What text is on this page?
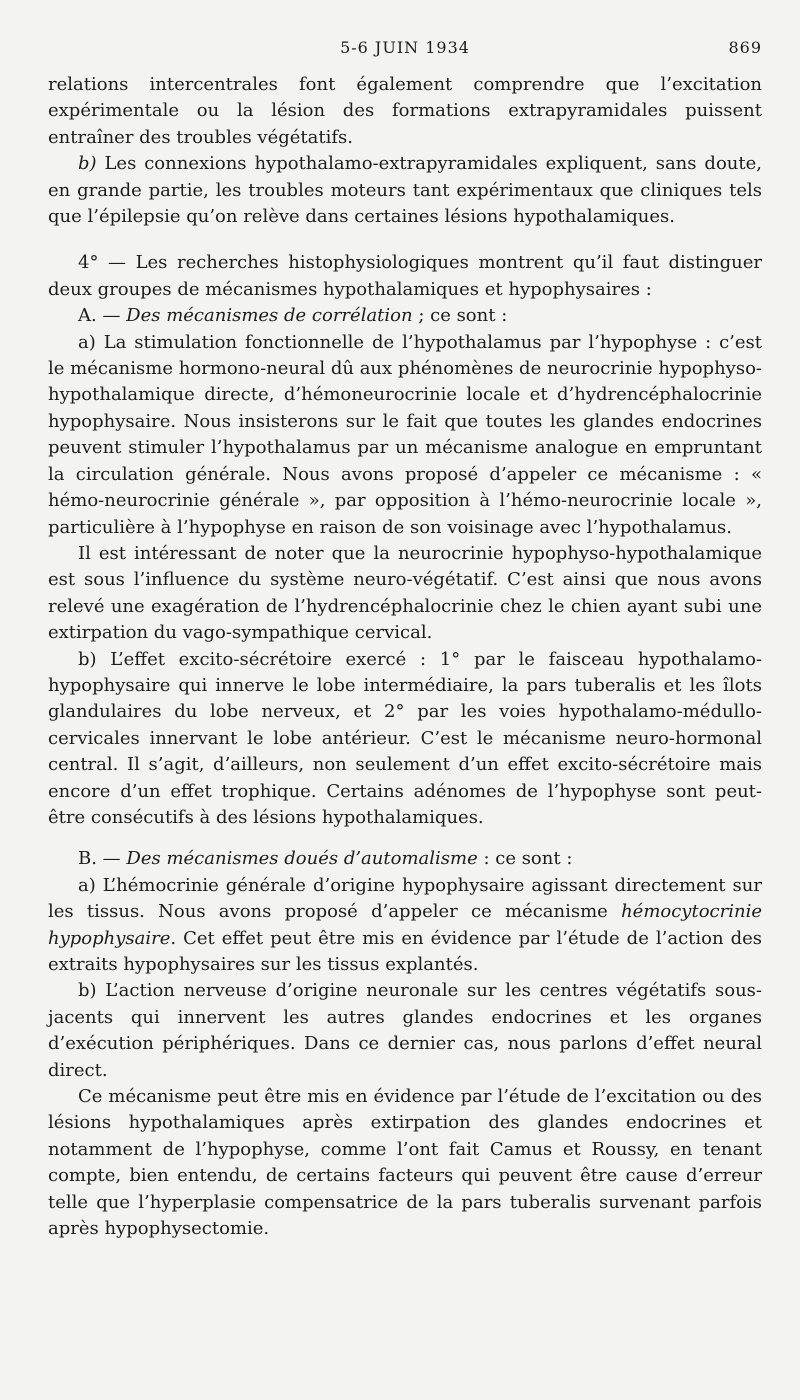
5-6 JUIN 1934	869

relations intercentrales font également comprendre que l’excitation expérimentale ou la lésion des formations extrapyramidales puissent entraîner des troubles végétatifs.

b) Les connexions hypothalamo-extrapyramidales expliquent, sans doute, en grande partie, les troubles moteurs tant expérimentaux que cliniques tels que l’épilepsie qu’on relève dans certaines lésions hypothalamiques.

4° — Les recherches histophysiologiques montrent qu’il faut distinguer deux groupes de mécanismes hypothalamiques et hypophysaires :

A. — Des mécanismes de corrélation ; ce sont :

a) La stimulation fonctionnelle de l’hypothalamus par l’hypophyse : c’est le mécanisme hormono-neural dû aux phénomènes de neurocrinie hypophyso-hypothalamique directe, d’hémoneurocrinie locale et d’hydrencéphalocrinie hypophysaire. Nous insisterons sur le fait que toutes les glandes endocrines peuvent stimuler l’hypothalamus par un mécanisme analogue en empruntant la circulation générale. Nous avons proposé d’appeler ce mécanisme : « hémo-neurocrinie générale », par opposition à l’hémo-neurocrinie locale », particulière à l’hypophyse en raison de son voisinage avec l’hypothalamus.

Il est intéressant de noter que la neurocrinie hypophyso-hypothalamique est sous l’influence du système neuro-végétatif. C’est ainsi que nous avons relevé une exagération de l’hydrencéphalocrinie chez le chien ayant subi une extirpation du vago-sympathique cervical.

b) L’effet excito-sécrétoire exercé : 1° par le faisceau hypothalamo-hypophysaire qui innerve le lobe intermédiaire, la pars tuberalis et les îlots glandulaires du lobe nerveux, et 2° par les voies hypothalamo-médullo-cervicales innervant le lobe antérieur. C’est le mécanisme neuro-hormonal central. Il s’agit, d’ailleurs, non seulement d’un effet excito-sécrétoire mais encore d’un effet trophique. Certains adénomes de l’hypophyse sont peut-être consécutifs à des lésions hypothalamiques.

B. — Des mécanismes doués d’automalisme : ce sont :

a) L’hémocrinie générale d’origine hypophysaire agissant directement sur les tissus. Nous avons proposé d’appeler ce mécanisme hémocytocrinie hypophysaire. Cet effet peut être mis en évidence par l’étude de l’action des extraits hypophysaires sur les tissus explantés.

b) L’action nerveuse d’origine neuronale sur les centres végétatifs sous-jacents qui innervent les autres glandes endocrines et les organes d’exécution périphériques. Dans ce dernier cas, nous parlons d’effet neural direct.

Ce mécanisme peut être mis en évidence par l’étude de l’excitation ou des lésions hypothalamiques après extirpation des glandes endocrines et notamment de l’hypophyse, comme l’ont fait Camus et Roussy, en tenant compte, bien entendu, de certains facteurs qui peuvent être cause d’erreur telle que l’hyperplasie compensatrice de la pars tuberalis survenant parfois après hypophysectomie.
